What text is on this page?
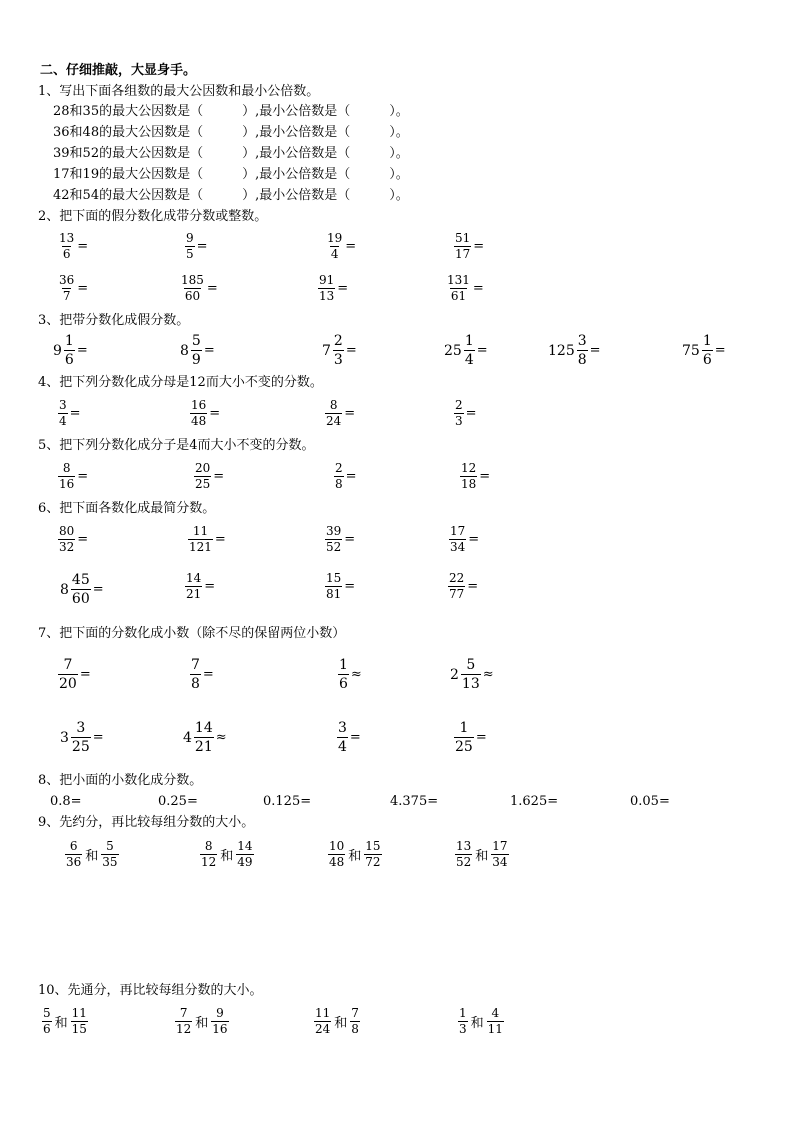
二、仔细推敲，大显身手。
1、写出下面各组数的最大公因数和最小公倍数。
28和35的最大公因数是（　　　）,最小公倍数是（　　　）。
36和48的最大公因数是（　　　）,最小公倍数是（　　　）。
39和52的最大公因数是（　　　）,最小公倍数是（　　　）。
17和19的最大公因数是（　　　）,最小公倍数是（　　　）。
42和54的最大公因数是（　　　）,最小公倍数是（　　　）。
2、把下面的假分数化成带分数或整数。
$\frac{13}{6}$ =	$\frac{9}{5}$ =	$\frac{19}{4}$ =	$\frac{51}{17}$ =
$\frac{36}{7}$ =	$\frac{185}{60}$ =	$\frac{91}{13}$ =	$\frac{131}{61}$ =
3、把带分数化成假分数。
$9 \frac{1}{6}$ =	$8 \frac{5}{9}$ =	$7 \frac{2}{3}$ =	$25 \frac{1}{4}$ =	$125 \frac{3}{8}$ =	$75 \frac{1}{6}$ =
4、把下列分数化成分母是12而大小不变的分数。
$\frac{3}{4}$ =	$\frac{16}{48}$ =	$\frac{8}{24}$ =	$\frac{2}{3}$ =
5、把下列分数化成分子是4而大小不变的分数。
$\frac{8}{16}$ =	$\frac{20}{25}$ =	$\frac{2}{8}$ =	$\frac{12}{18}$ =
6、把下面各数化成最简分数。
$\frac{80}{32}$ =	$\frac{11}{121}$ =	$\frac{39}{52}$ =	$\frac{17}{34}$ =
$8 \frac{45}{60}$ =	$\frac{14}{21}$ =	$\frac{15}{81}$ =	$\frac{22}{77}$ =
7、把下面的分数化成小数（除不尽的保留两位小数）
$\frac{7}{20}$ =	$\frac{7}{8}$ =	$\frac{1}{6}$ ≈	$2 \frac{5}{13}$ ≈
$3 \frac{3}{25}$ =	$4 \frac{14}{21}$ ≈	$\frac{3}{4}$ =	$\frac{1}{25}$ =
8、把小面的小数化成分数。
0.8=	0.25=	0.125=	4.375=	1.625=	0.05=
9、先约分，再比较每组分数的大小。
$\frac{6}{36}$ 和 $\frac{5}{35}$	$\frac{8}{12}$ 和 $\frac{14}{49}$	$\frac{10}{48}$ 和 $\frac{15}{72}$	$\frac{13}{52}$ 和 $\frac{17}{34}$
10、先通分，再比较每组分数的大小。
$\frac{5}{6}$ 和 $\frac{11}{15}$	$\frac{7}{12}$ 和 $\frac{9}{16}$	$\frac{11}{24}$ 和 $\frac{7}{8}$	$\frac{1}{3}$ 和 $\frac{4}{11}$
